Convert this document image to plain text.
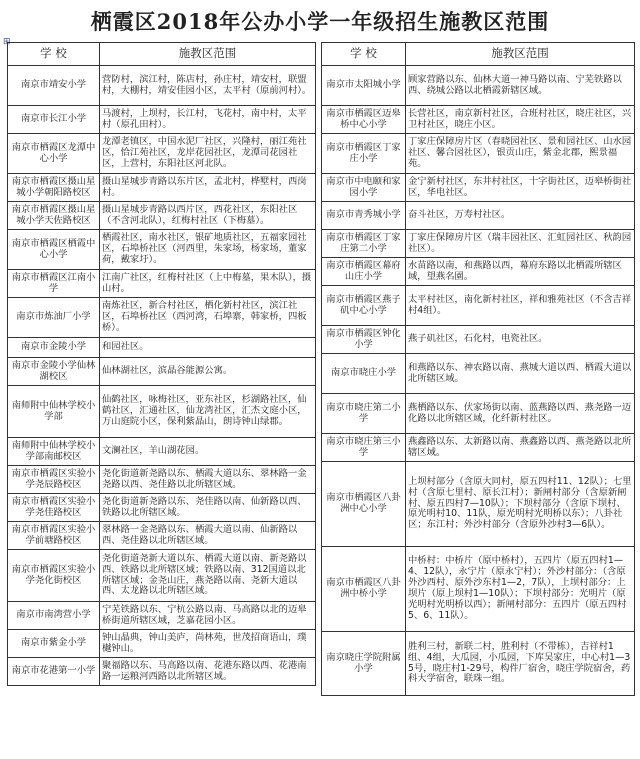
栖霞区2018年公办小学一年级招生施教区范围
⊞
学 校	施教区范围
南京市靖安小学	营防村，滨江村，陈店村，孙庄村，靖安村，联盟村，大棚村，靖安佳园小区，太平村（原前河村）。
南京市长江小学	马渡村，上坝村，长江村，飞花村，南中村，太平村（原孔田村）。
南京市栖霞区龙潭中心小学	龙潭老镇区，中国水泥厂社区，兴隆村，丽江苑社区，恰江苑社区，龙岸花园社区，龙潭司花园社区，上营村，东阳社区河北队。
南京市栖霞区摄山星城小学朝阳路校区	摄山星城步青路以东片区，孟北村，桦墅村，西岗村。
南京市栖霞区摄山星城小学天佐路校区	摄山星城步青路以西片区，西花社区，东阳社区（不含河北队），红梅村社区（下梅墓）。
南京市栖霞区栖霞中心小学	栖霞社区，南水社区，银矿地质社区，五福家园社区，石埠桥社区（河西里，朱家场，杨家场，董家荷，戴家圩）。
南京市栖霞区江南小学	江南广社区，红梅村社区（上中梅墓，果木队），摄山村。
南京市炼油厂小学	南炼社区，新合村社区，栖化新村社区，滨江社区，石埠桥社区（西河湾，石埠寨，韩家桥，四板桥）。
南京市金陵小学	和园社区。
南京市金陵小学仙林湖校区	仙林湖社区，滨晶谷能源公寓。
南师附中仙林学校小学部	仙鹤社区，咏梅社区，亚东社区，杉湖路社区，仙鹤社区，汇通社区，仙龙湾社区，汇杰文庭小区，万山庭院小区，保利紫晶山，朗诗钟山绿郡。
南师附中仙林学校小学部南邮校区	文澜社区，羊山湖花园。
南京市栖霞区实验小学尧辰路校区	尧化街道新尧路以东、栖霞大道以东、翠林路一金尧路以西、尧佳路以北所辖区域。
南京市栖霞区实验小学尧佳路校区	尧化街道新尧路以东、尧佳路以南、仙新路以西、铁路以北所辖区域。
南京市栖霞区实验小学前塘路校区	翠林路一金尧路以东、栖霞大道以南、仙新路以西、尧佳路以北所辖区域。
南京市栖霞区实验小学尧化街校区	尧化街道尧新大道以东、栖霞大道以南、新尧路以西、铁路以北所辖区域；铁路以南、312国道以北所辖区域；金尧山庄，燕尧路以南、尧新大道以西、太龙路以北所辖区域。
南京市南湾营小学	宁芜铁路以东、宁杭公路以南、马高路以北的迈皋桥街道所辖区域，芝嘉花园小区。
南京市紫金小学	钟山晶典，钟山美庐，尚林苑，世茂招商语山，璞樾钟山。
南京市花港第一小学	聚福路以东、马高路以南、花港东路以西、花港南路一运粮河西路以北所辖区域。
学 校	施教区范围
南京市太阳城小学	顾家营路以东、仙林大道一神马路以南、宁芜铁路以西、绕城公路以北栖霞新辖区域。
南京市栖霞区迈皋桥中心小学	长营社区，南京新村社区，合班村社区，晓庄社区，兴卫村社区，晓庄小区。
南京市栖霞区丁家庄小学	丁家庄保障房片区（春晓园社区、景和园社区、山水园社区、馨合园社区），银贡山庄，紫金北郡，熙景福苑。
南京市中电颐和家园小学	金宁新村社区，东井村社区，十字街社区，迈皋桥街社区，华电社区。
南京市青秀城小学	奋斗社区，万寿村社区。
南京市栖霞区丁家庄第二小学	丁家庄保障房片区（瑞丰园社区、汇虹园社区、秋韵园社区）。
南京市栖霞区幕府山庄小学	水苗路以南，和燕路以西，幕府东路以北栖霞所辖区域，望燕名園。
南京市栖霞区燕子矶中心小学	太平村社区，南化新村社区，祥和雅苑社区（不含吉祥村4组）。
南京市栖霞区钟化小学	燕子矶社区，石化村，电瓷社区。
南京市晓庄小学	和燕路以东、神农路以南、燕城大道以西、栖霞大道以北所辖区域。
南京市晓庄第二小学	燕栖路以东、伏家场街以南、蓝燕路以西、燕尧路一迈化路以北所辖区域，化纤新村社区。
南京市晓庄第三小学	燕鑫路以东、太新路以南、燕鑫路以西、燕尧路以北所辖区域。
南京市栖霞区八卦洲中心小学	上坝村部分（含原大同村，原五四村11、12队）；七里村（含原七里村、原长江村）；新闸村部分（含原新闸村、原五四村7—10队）；下坝村部分（含原下坝村、原光明村10、11队，原光明村光明桥以东）；八卦社区；东江村；外沙村部分（含原外沙村3—6队）。
南京市栖霞区八卦洲中桥小学	中桥村：中桥片（原中桥村），五四片（原五四村1—4、12队），永宁片（原永宁村）；外沙村部分：（含原外沙西村、原外沙东村1—2，7队），上坝村部分：上坝片（原上坝村1—10队）；下坝村部分：光明片（原光明村光明桥以西）；新闸村部分：五四片（原五四村5、6、11队）。
南京晓庄学院附属小学	胜利三村，新联二村，胜利村（不带栋），吉祥村1组、4组，大瓜园，小瓜园，下库吴家庄，中心村1—35号，晓庄村1-29号，构件厂宿舍，晓庄学院宿舍，药科大学宿舍，联珠一组。
